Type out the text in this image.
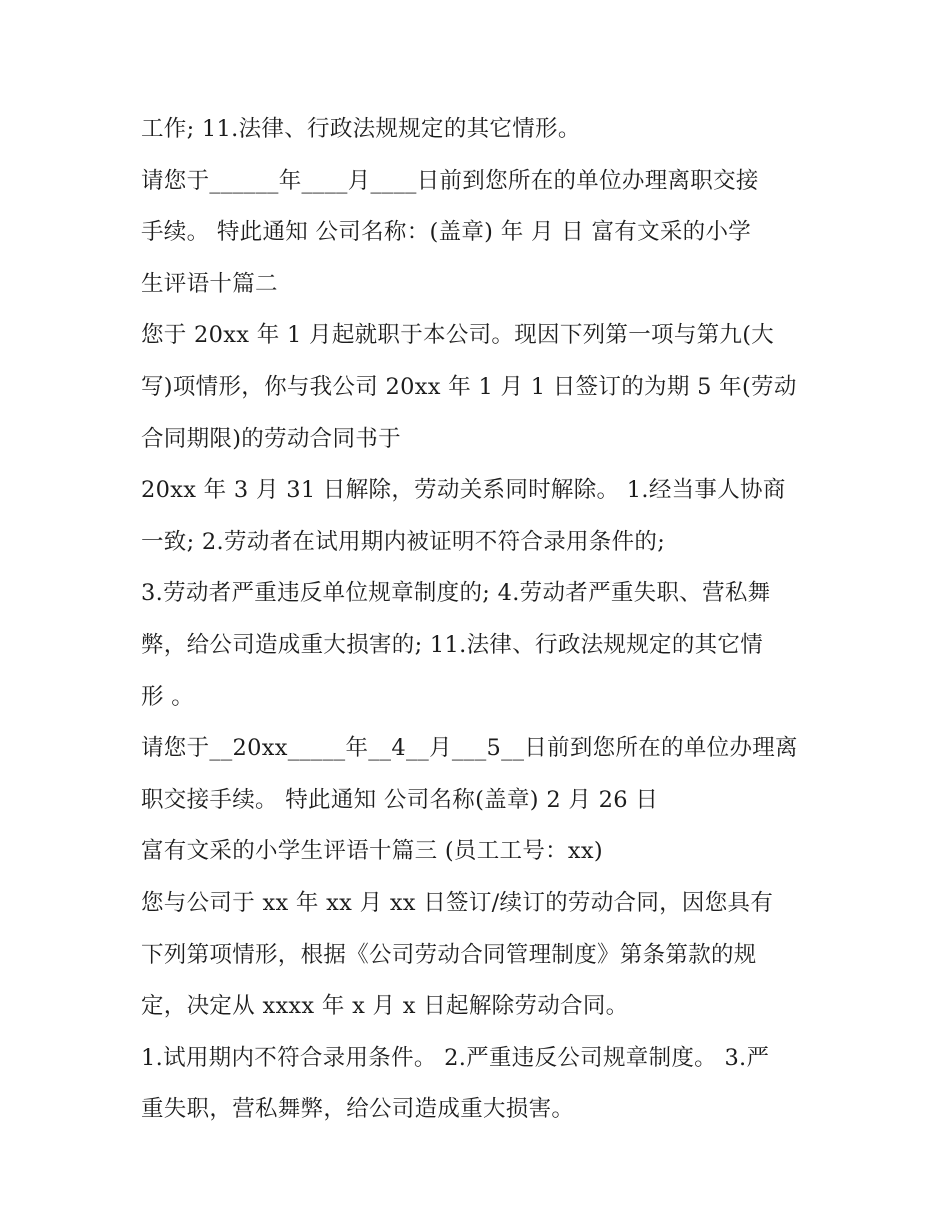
工作; 11.法律、行政法规规定的其它情形。
请您于______年____月____日前到您所在的单位办理离职交接
手续。 特此通知 公司名称：(盖章) 年 月 日 富有文采的小学
生评语十篇二
您于 20xx 年 1 月起就职于本公司。现因下列第一项与第九(大
写)项情形，你与我公司 20xx 年 1 月 1 日签订的为期 5 年(劳动
合同期限)的劳动合同书于
20xx 年 3 月 31 日解除，劳动关系同时解除。 1.经当事人协商
一致; 2.劳动者在试用期内被证明不符合录用条件的;
3.劳动者严重违反单位规章制度的; 4.劳动者严重失职、营私舞
弊，给公司造成重大损害的; 11.法律、行政法规规定的其它情
形 。
请您于__20xx_____年__4__月___5__日前到您所在的单位办理离
职交接手续。 特此通知 公司名称(盖章) 2 月 26 日
富有文采的小学生评语十篇三 (员工工号：xx)
您与公司于 xx 年 xx 月 xx 日签订/续订的劳动合同，因您具有
下列第项情形，根据《公司劳动合同管理制度》第条第款的规
定，决定从 xxxx 年 x 月 x 日起解除劳动合同。
1.试用期内不符合录用条件。 2.严重违反公司规章制度。 3.严
重失职，营私舞弊，给公司造成重大损害。
